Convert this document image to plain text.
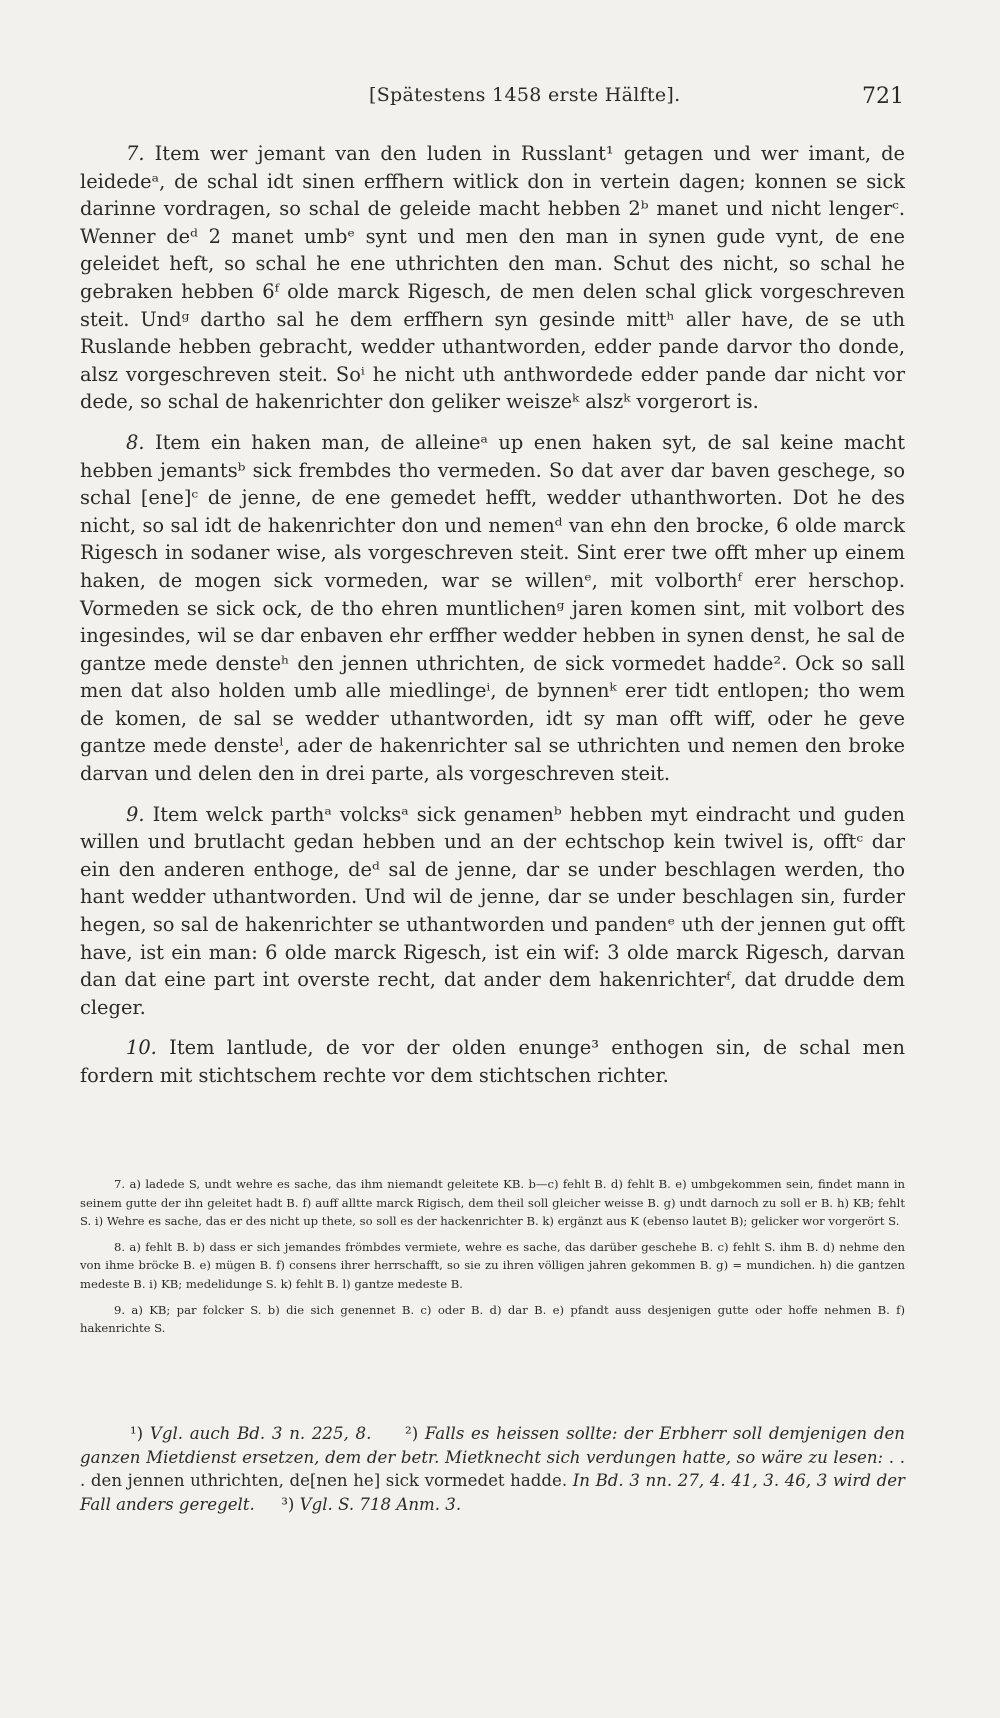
[Spätestens 1458 erste Hälfte].	721

7. Item wer jemant van den luden in Russlant¹ getagen und wer imant, de leidedeᵃ, de schal idt sinen erffhern witlick don in vertein dagen; konnen se sick darinne vordragen, so schal de geleide macht hebben 2ᵇ manet und nicht lengerᶜ. Wenner deᵈ 2 manet umbᵉ synt und men den man in synen gude vynt, de ene geleidet heft, so schal he ene uthrichten den man. Schut des nicht, so schal he gebraken hebben 6ᶠ olde marck Rigesch, de men delen schal glick vorgeschreven steit. Undᵍ dartho sal he dem erffhern syn gesinde mittʰ aller have, de se uth Ruslande hebben gebracht, wedder uthantworden, edder pande darvor tho donde, alsz vorgeschreven steit. Soⁱ he nicht uth anthwordede edder pande dar nicht vor dede, so schal de hakenrichter don geliker weiszeᵏ alszᵏ vorgerort is.

8. Item ein haken man, de alleineᵃ up enen haken syt, de sal keine macht hebben jemantsᵇ sick frembdes tho vermeden. So dat aver dar baven geschege, so schal [ene]ᶜ de jenne, de ene gemedet hefft, wedder uthanthworten. Dot he des nicht, so sal idt de hakenrichter don und nemenᵈ van ehn den brocke, 6 olde marck Rigesch in sodaner wise, als vorgeschreven steit. Sint erer twe offt mher up einem haken, de mogen sick vormeden, war se willenᵉ, mit volborthᶠ erer herschop. Vormeden se sick ock, de tho ehren muntlichenᵍ jaren komen sint, mit volbort des ingesindes, wil se dar enbaven ehr erffher wedder hebben in synen denst, he sal de gantze mede densteʰ den jennen uthrichten, de sick vormedet hadde². Ock so sall men dat also holden umb alle miedlingeⁱ, de bynnenᵏ erer tidt entlopen; tho wem de komen, de sal se wedder uthantworden, idt sy man offt wiff, oder he geve gantze mede densteˡ, ader de hakenrichter sal se uthrichten und nemen den broke darvan und delen den in drei parte, als vorgeschreven steit.

9. Item welck parthᵃ volcksᵃ sick genamenᵇ hebben myt eindracht und guden willen und brutlacht gedan hebben und an der echtschop kein twivel is, offtᶜ dar ein den anderen enthoge, deᵈ sal de jenne, dar se under beschlagen werden, tho hant wedder uthantworden. Und wil de jenne, dar se under beschlagen sin, furder hegen, so sal de hakenrichter se uthantworden und pandenᵉ uth der jennen gut offt have, ist ein man: 6 olde marck Rigesch, ist ein wif: 3 olde marck Rigesch, darvan dan dat eine part int overste recht, dat ander dem hakenrichterᶠ, dat drudde dem cleger.

10. Item lantlude, de vor der olden enunge³ enthogen sin, de schal men fordern mit stichtschem rechte vor dem stichtschen richter.

7. a) ladede S, undt wehre es sache, das ihm niemandt geleitete KB. b—c) fehlt B. d) fehlt B. e) umbgekommen sein, findet mann in seinem gutte der ihn geleitet hadt B. f) auff alltte marck Rigisch, dem theil soll gleicher weisse B. g) undt darnoch zu soll er B. h) KB; fehlt S. i) Wehre es sache, das er des nicht up thete, so soll es der hackenrichter B. k) ergänzt aus K (ebenso lautet B); gelicker wor vorgerört S.

8. a) fehlt B. b) dass er sich jemandes frömbdes vermiete, wehre es sache, das darüber geschehe B. c) fehlt S. ihm B. d) nehme den von ihme bröcke B. e) mügen B. f) consens ihrer herrschafft, so sie zu ihren völligen jahren gekommen B. g) = mundichen. h) die gantzen medeste B. i) KB; medelidunge S. k) fehlt B. l) gantze medeste B.

9. a) KB; par folcker S. b) die sich genennet B. c) oder B. d) dar B. e) pfandt auss desjenigen gutte oder hoffe nehmen B. f) hakenrichte S.

¹) Vgl. auch Bd. 3 n. 225, 8. ²) Falls es heissen sollte: der Erbherr soll demjenigen den ganzen Mietdienst ersetzen, dem der betr. Mietknecht sich verdungen hatte, so wäre zu lesen: . . . den jennen uthrichten, de[nen he] sick vormedet hadde. In Bd. 3 nn. 27, 4. 41, 3. 46, 3 wird der Fall anders geregelt. ³) Vgl. S. 718 Anm. 3.
